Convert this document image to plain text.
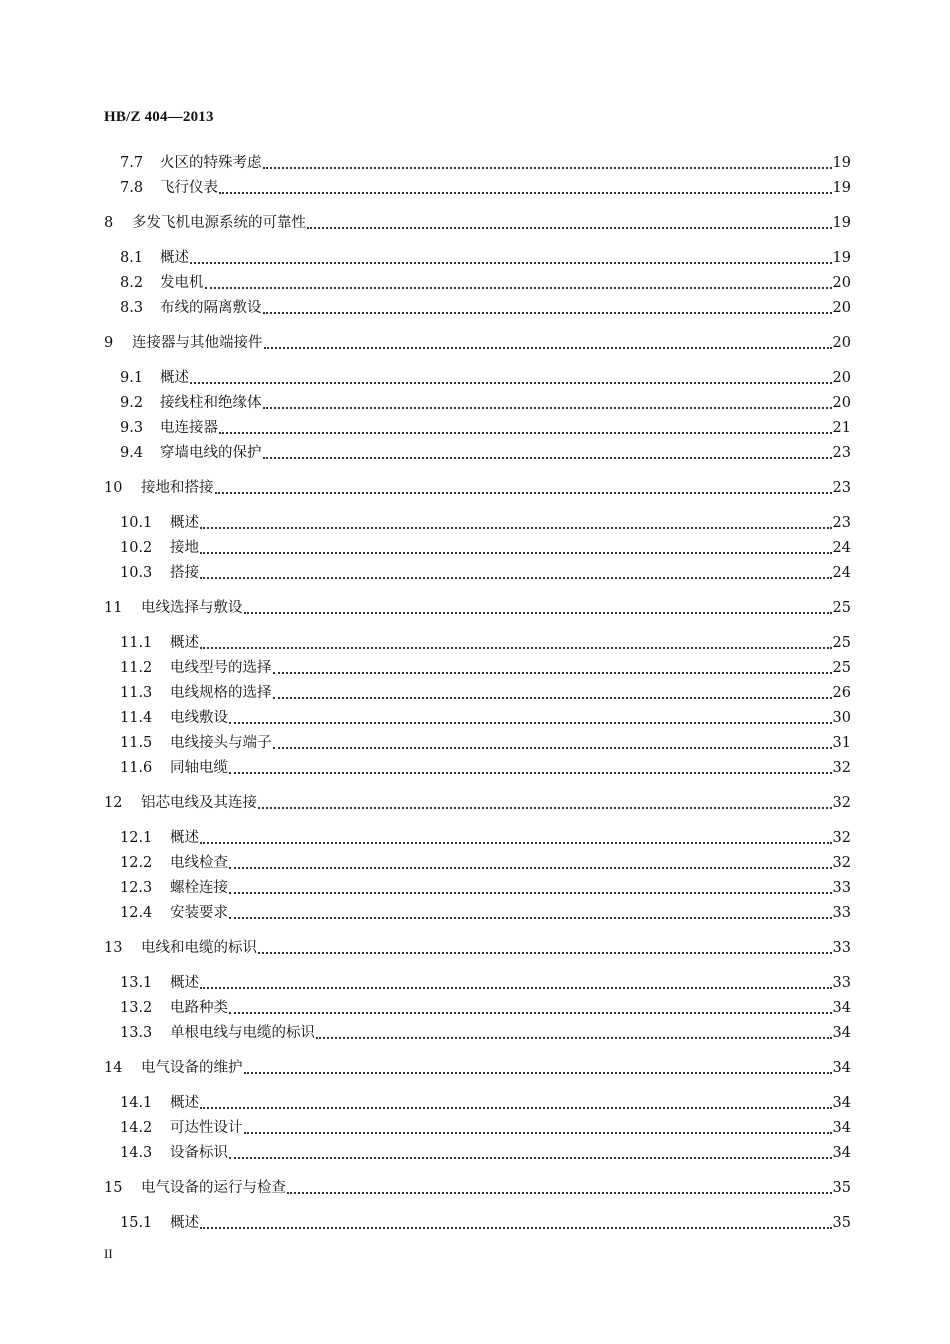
HB/Z 404—2013
7.7	火区的特殊考虑	19
7.8	飞行仪表	19
8	多发飞机电源系统的可靠性	19
8.1	概述	19
8.2	发电机	20
8.3	布线的隔离敷设	20
9	连接器与其他端接件	20
9.1	概述	20
9.2	接线柱和绝缘体	20
9.3	电连接器	21
9.4	穿墙电线的保护	23
10	接地和搭接	23
10.1	概述	23
10.2	接地	24
10.3	搭接	24
11	电线选择与敷设	25
11.1	概述	25
11.2	电线型号的选择	25
11.3	电线规格的选择	26
11.4	电线敷设	30
11.5	电线接头与端子	31
11.6	同轴电缆	32
12	铝芯电线及其连接	32
12.1	概述	32
12.2	电线检查	32
12.3	螺栓连接	33
12.4	安装要求	33
13	电线和电缆的标识	33
13.1	概述	33
13.2	电路种类	34
13.3	单根电线与电缆的标识	34
14	电气设备的维护	34
14.1	概述	34
14.2	可达性设计	34
14.3	设备标识	34
15	电气设备的运行与检查	35
15.1	概述	35
II
